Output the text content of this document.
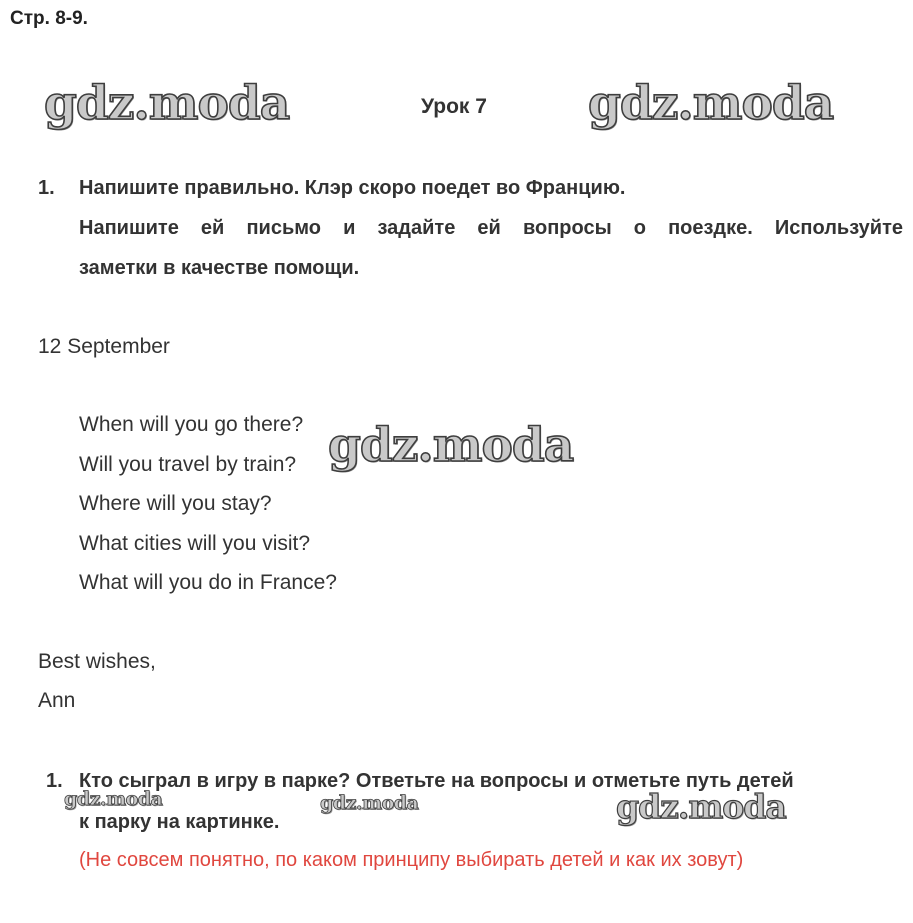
Стр. 8-9.
gdz.moda	Урок 7 gdz.moda
1. Напишите правильно. Клэр скоро поедет во Францию.
Напишите ей письмо и задайте ей вопросы о поездке. Используйте
заметки в качестве помощи.
12 September
When will you go there?
Will you travel by train?
Where will you stay?
What cities will you visit?
What will you do in France?
gdz.moda
Best wishes,
Ann
1. Кто сыграл в игру в парке? Ответьте на вопросы и отметьте путь детей
gdz.moda	gdz.moda	gdz.moda
к парку на картинке.
(Не совсем понятно, по каком принципу выбирать детей и как их зовут)
